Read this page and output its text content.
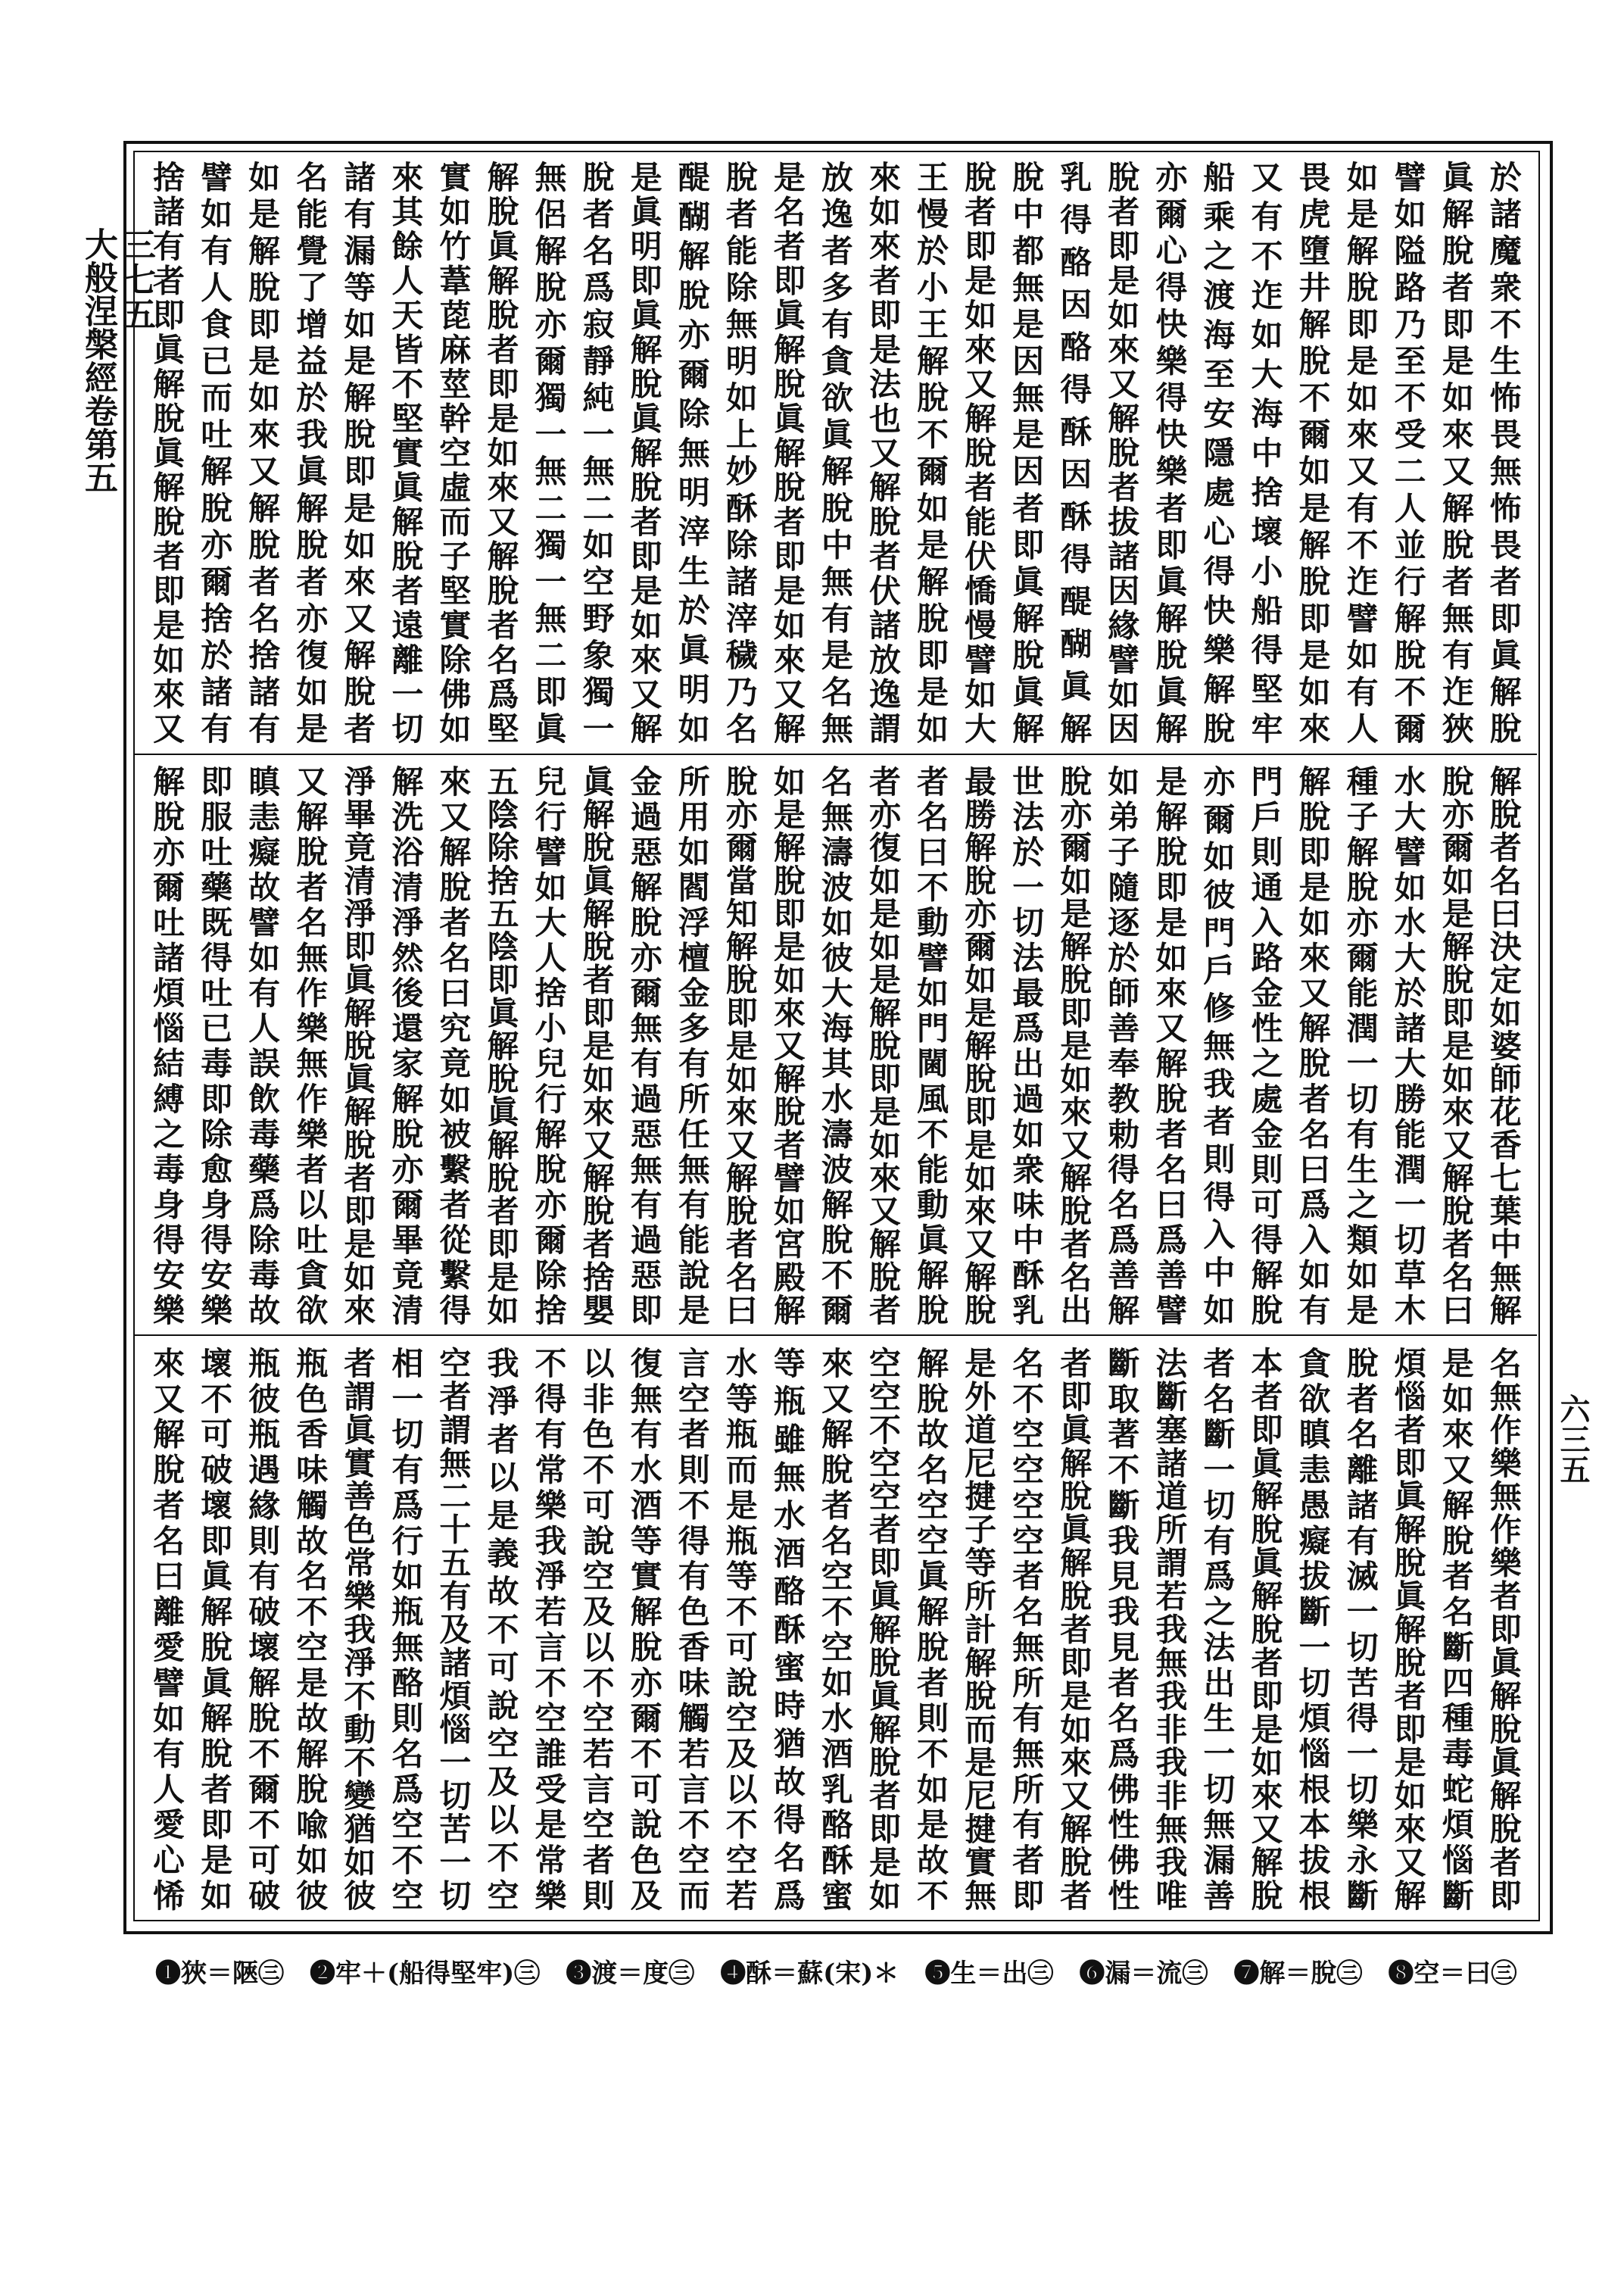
三七五
大般涅槃經卷第五
六三五
於諸魔衆不生怖畏無怖畏者即眞解脫
眞解脫者即是如來又解脫者無有迮狹
譬如隘路乃至不受二人並行解脫不爾
如是解脫即是如來又有不迮譬如有人
畏虎墮井解脫不爾如是解脫即是如來
又有不迮如大海中捨壞小船得堅牢
船乘之渡海至安隱處心得快樂解脫
亦爾心得快樂得快樂者即眞解脫眞解
脫者即是如來又解脫者拔諸因緣譬如因
乳得酪因酪得酥因酥得醍醐眞解
脫中都無是因無是因者即眞解脫眞解
脫者即是如來又解脫者能伏憍慢譬如大
王慢於小王解脫不爾如是解脫即是如
來如來者即是法也又解脫者伏諸放逸謂
放逸者多有貪欲眞解脫中無有是名無
是名者即眞解脫眞解脫者即是如來又解
脫者能除無明如上妙酥除諸滓穢乃名
醍醐解脫亦爾除無明滓生於眞明如
是眞明即眞解脫眞解脫者即是如來又解
脫者名爲寂靜純一無二如空野象獨一
無侶解脫亦爾獨一無二獨一無二即眞
解脫眞解脫者即是如來又解脫者名爲堅
實如竹葦萞麻莖幹空虛而子堅實除佛如
來其餘人天皆不堅實眞解脫者遠離一切
諸有漏等如是解脫即是如來又解脫者
名能覺了增益於我眞解脫者亦復如是
如是解脫即是如來又解脫者名捨諸有
譬如有人食已而吐解脫亦爾捨於諸有
捨諸有者即眞解脫眞解脫者即是如來又
解脫者名曰決定如婆師花香七葉中無解
脫亦爾如是解脫即是如來又解脫者名曰
水大譬如水大於諸大勝能潤一切草木
種子解脫亦爾能潤一切有生之類如是
解脫即是如來又解脫者名曰爲入如有
門戶則通入路金性之處金則可得解脫
亦爾如彼門戶修無我者則得入中如
是解脫即是如來又解脫者名曰爲善譬
如弟子隨逐於師善奉教勅得名爲善解
脫亦爾如是解脫即是如來又解脫者名出
世法於一切法最爲出過如衆味中酥乳
最勝解脫亦爾如是解脫即是如來又解脫
者名曰不動譬如門閫風不能動眞解脫
者亦復如是如是解脫即是如來又解脫者
名無濤波如彼大海其水濤波解脫不爾
如是解脫即是如來又解脫者譬如宮殿解
脫亦爾當知解脫即是如來又解脫者名曰
所用如閻浮檀金多有所任無有能說是
金過惡解脫亦爾無有過惡無有過惡即
眞解脫眞解脫者即是如來又解脫者捨嬰
兒行譬如大人捨小兒行解脫亦爾除捨
五陰除捨五陰即眞解脫眞解脫者即是如
來又解脫者名曰究竟如被繫者從繫得
解洗浴清淨然後還家解脫亦爾畢竟清
淨畢竟清淨即眞解脫眞解脫者即是如來
又解脫者名無作樂無作樂者以吐貪欲
瞋恚癡故譬如有人誤飲毒藥爲除毒故
即服吐藥既得吐已毒即除愈身得安樂
解脫亦爾吐諸煩惱結縛之毒身得安樂
名無作樂無作樂者即眞解脫眞解脫者即
是如來又解脫者名斷四種毒蛇煩惱斷
煩惱者即眞解脫眞解脫者即是如來又解
脫者名離諸有滅一切苦得一切樂永斷
貪欲瞋恚愚癡拔斷一切煩惱根本拔根
本者即眞解脫眞解脫者即是如來又解脫
者名斷一切有爲之法出生一切無漏善
法斷塞諸道所謂若我無我非我非無我唯
斷取著不斷我見我見者名爲佛性佛性
者即眞解脫眞解脫者即是如來又解脫者
名不空空空空者名無所有無所有者即
是外道尼揵子等所計解脫而是尼揵實無
解脫故名空空眞解脫者則不如是故不
空空不空空者即眞解脫眞解脫者即是如
來又解脫者名空不空如水酒乳酪酥蜜
等瓶雖無水酒酪酥蜜時猶故得名爲
水等瓶而是瓶等不可說空及以不空若
言空者則不得有色香味觸若言不空而
復無有水酒等實解脫亦爾不可說色及
以非色不可說空及以不空若言空者則
不得有常樂我淨若言不空誰受是常樂
我淨者以是義故不可說空及以不空
空者謂無二十五有及諸煩惱一切苦一切
相一切有爲行如瓶無酪則名爲空不空
者謂眞實善色常樂我淨不動不變猶如彼
瓶色香味觸故名不空是故解脫喩如彼
瓶彼瓶遇緣則有破壞解脫不爾不可破
壞不可破壞即眞解脫眞解脫者即是如
來又解脫者名曰離愛譬如有人愛心悕
❶狹＝陿㊂ ❷牢＋(船得堅牢)㊂ ❸渡＝度㊂ ❹酥＝蘇(宋)＊ ❺生＝出㊂ ❻漏＝流㊂ ❼解＝脫㊂ ❽空＝曰㊂
